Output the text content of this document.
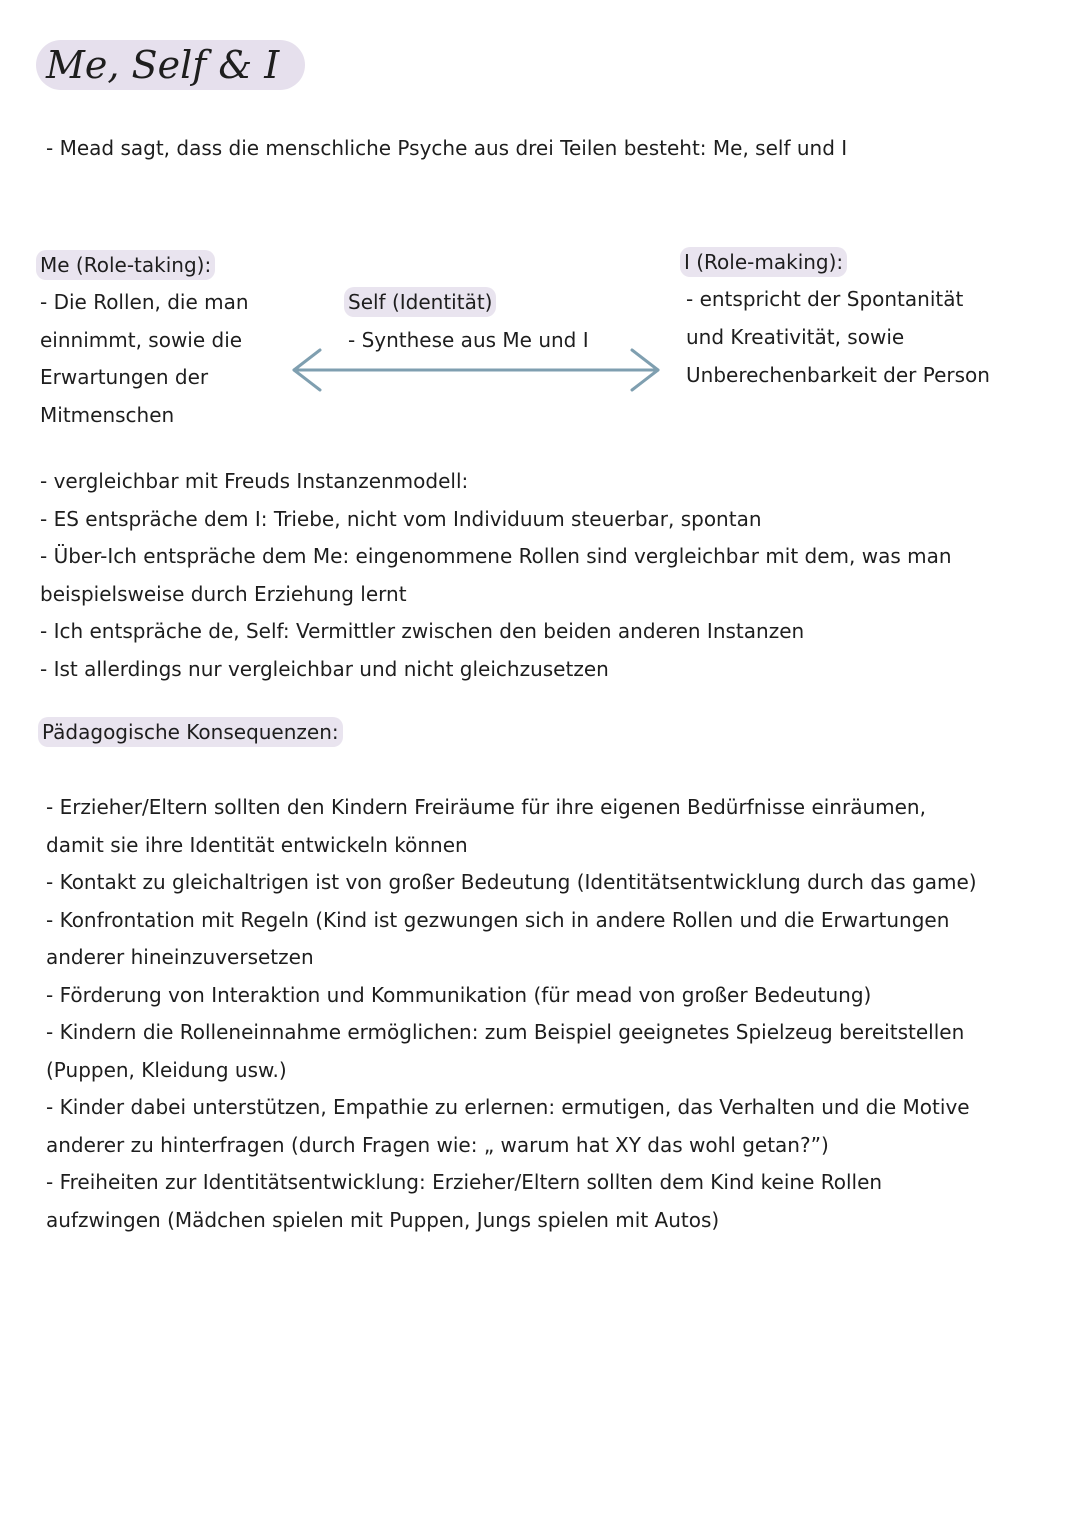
Me, Self & I
- Mead sagt, dass die menschliche Psyche aus drei Teilen besteht: Me, self und I
Me (Role-taking):
- Die Rollen, die man
einnimmt, sowie die
Erwartungen der
Mitmenschen
Self (Identität)
- Synthese aus Me und I
I (Role-making):
- entspricht der Spontanität
und Kreativität, sowie
Unberechenbarkeit der Person
- vergleichbar mit Freuds Instanzenmodell:
- ES entspräche dem I: Triebe, nicht vom Individuum steuerbar, spontan
- Über-Ich entspräche dem Me: eingenommene Rollen sind vergleichbar mit dem, was man
beispielsweise durch Erziehung lernt
- Ich entspräche de, Self: Vermittler zwischen den beiden anderen Instanzen
- Ist allerdings nur vergleichbar und nicht gleichzusetzen
Pädagogische Konsequenzen:
- Erzieher/Eltern sollten den Kindern Freiräume für ihre eigenen Bedürfnisse einräumen,
damit sie ihre Identität entwickeln können
- Kontakt zu gleichaltrigen ist von großer Bedeutung (Identitätsentwicklung durch das game)
- Konfrontation mit Regeln (Kind ist gezwungen sich in andere Rollen und die Erwartungen
anderer hineinzuversetzen
- Förderung von Interaktion und Kommunikation (für mead von großer Bedeutung)
- Kindern die Rolleneinnahme ermöglichen: zum Beispiel geeignetes Spielzeug bereitstellen
(Puppen, Kleidung usw.)
- Kinder dabei unterstützen, Empathie zu erlernen: ermutigen, das Verhalten und die Motive
anderer zu hinterfragen (durch Fragen wie: „ warum hat XY das wohl getan?”)
- Freiheiten zur Identitätsentwicklung: Erzieher/Eltern sollten dem Kind keine Rollen
aufzwingen (Mädchen spielen mit Puppen, Jungs spielen mit Autos)
